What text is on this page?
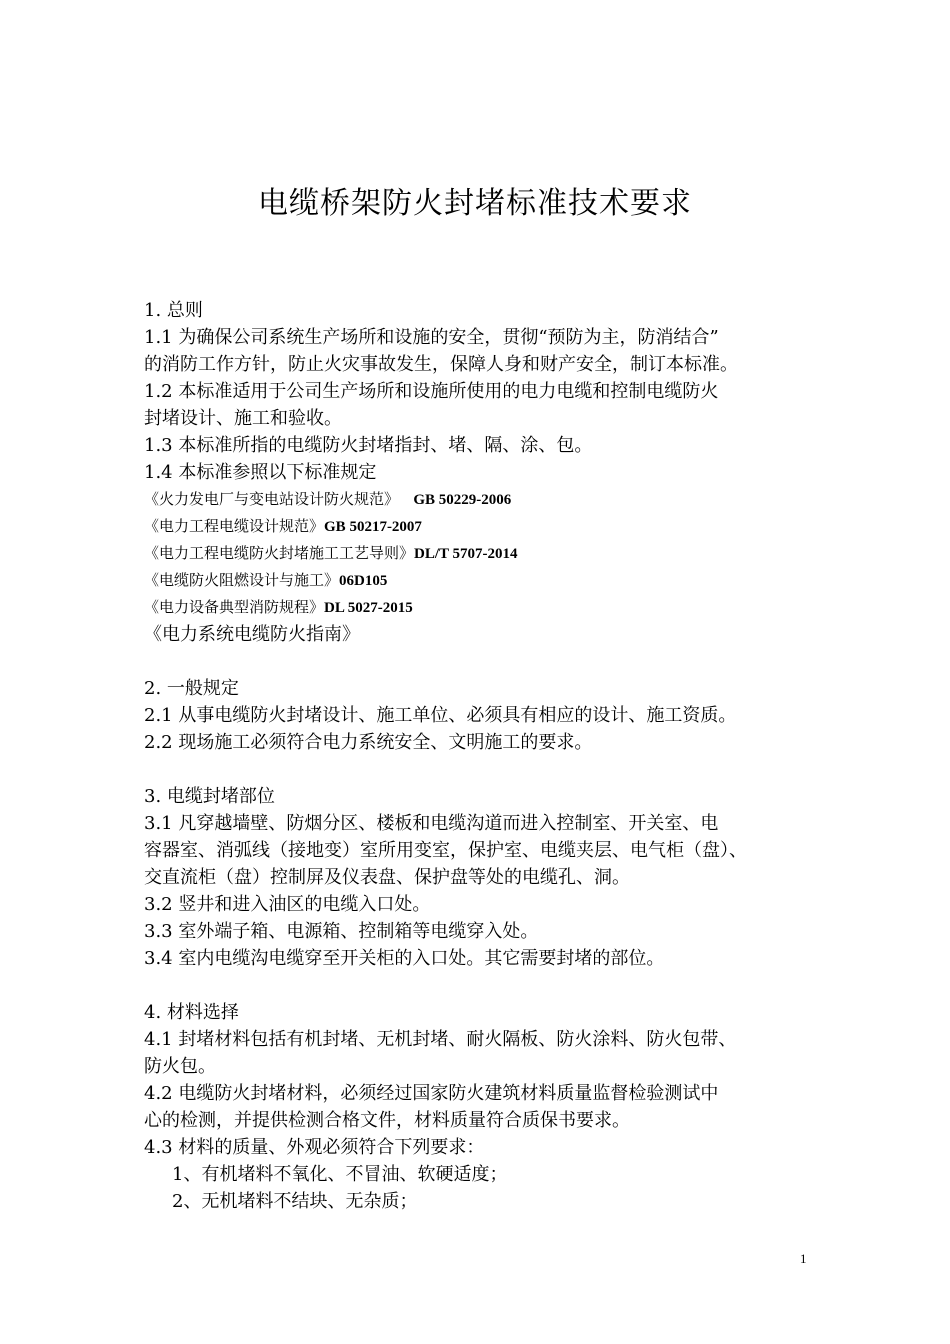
电缆桥架防火封堵标准技术要求
1. 总则
1.1 为确保公司系统生产场所和设施的安全，贯彻“预防为主，防消结合”
的消防工作方针，防止火灾事故发生，保障人身和财产安全，制订本标准。
1.2 本标准适用于公司生产场所和设施所使用的电力电缆和控制电缆防火
封堵设计、施工和验收。
1.3 本标准所指的电缆防火封堵指封、堵、隔、涂、包。
1.4 本标准参照以下标准规定
《火力发电厂与变电站设计防火规范》 GB 50229-2006
《电力工程电缆设计规范》GB 50217-2007
《电力工程电缆防火封堵施工工艺导则》DL/T 5707-2014
《电缆防火阻燃设计与施工》06D105
《电力设备典型消防规程》DL 5027-2015
《电力系统电缆防火指南》
2. 一般规定
2.1 从事电缆防火封堵设计、施工单位、必须具有相应的设计、施工资质。
2.2 现场施工必须符合电力系统安全、文明施工的要求。
3. 电缆封堵部位
3.1 凡穿越墙壁、防烟分区、楼板和电缆沟道而进入控制室、开关室、电
容器室、消弧线（接地变）室所用变室，保护室、电缆夹层、电气柜（盘）、
交直流柜（盘）控制屏及仪表盘、保护盘等处的电缆孔、洞。
3.2 竖井和进入油区的电缆入口处。
3.3 室外端子箱、电源箱、控制箱等电缆穿入处。
3.4 室内电缆沟电缆穿至开关柜的入口处。其它需要封堵的部位。
4. 材料选择
4.1 封堵材料包括有机封堵、无机封堵、耐火隔板、防火涂料、防火包带、
防火包。
4.2 电缆防火封堵材料，必须经过国家防火建筑材料质量监督检验测试中
心的检测，并提供检测合格文件，材料质量符合质保书要求。
4.3 材料的质量、外观必须符合下列要求：
1、有机堵料不氧化、不冒油、软硬适度；
2、无机堵料不结块、无杂质；
1
